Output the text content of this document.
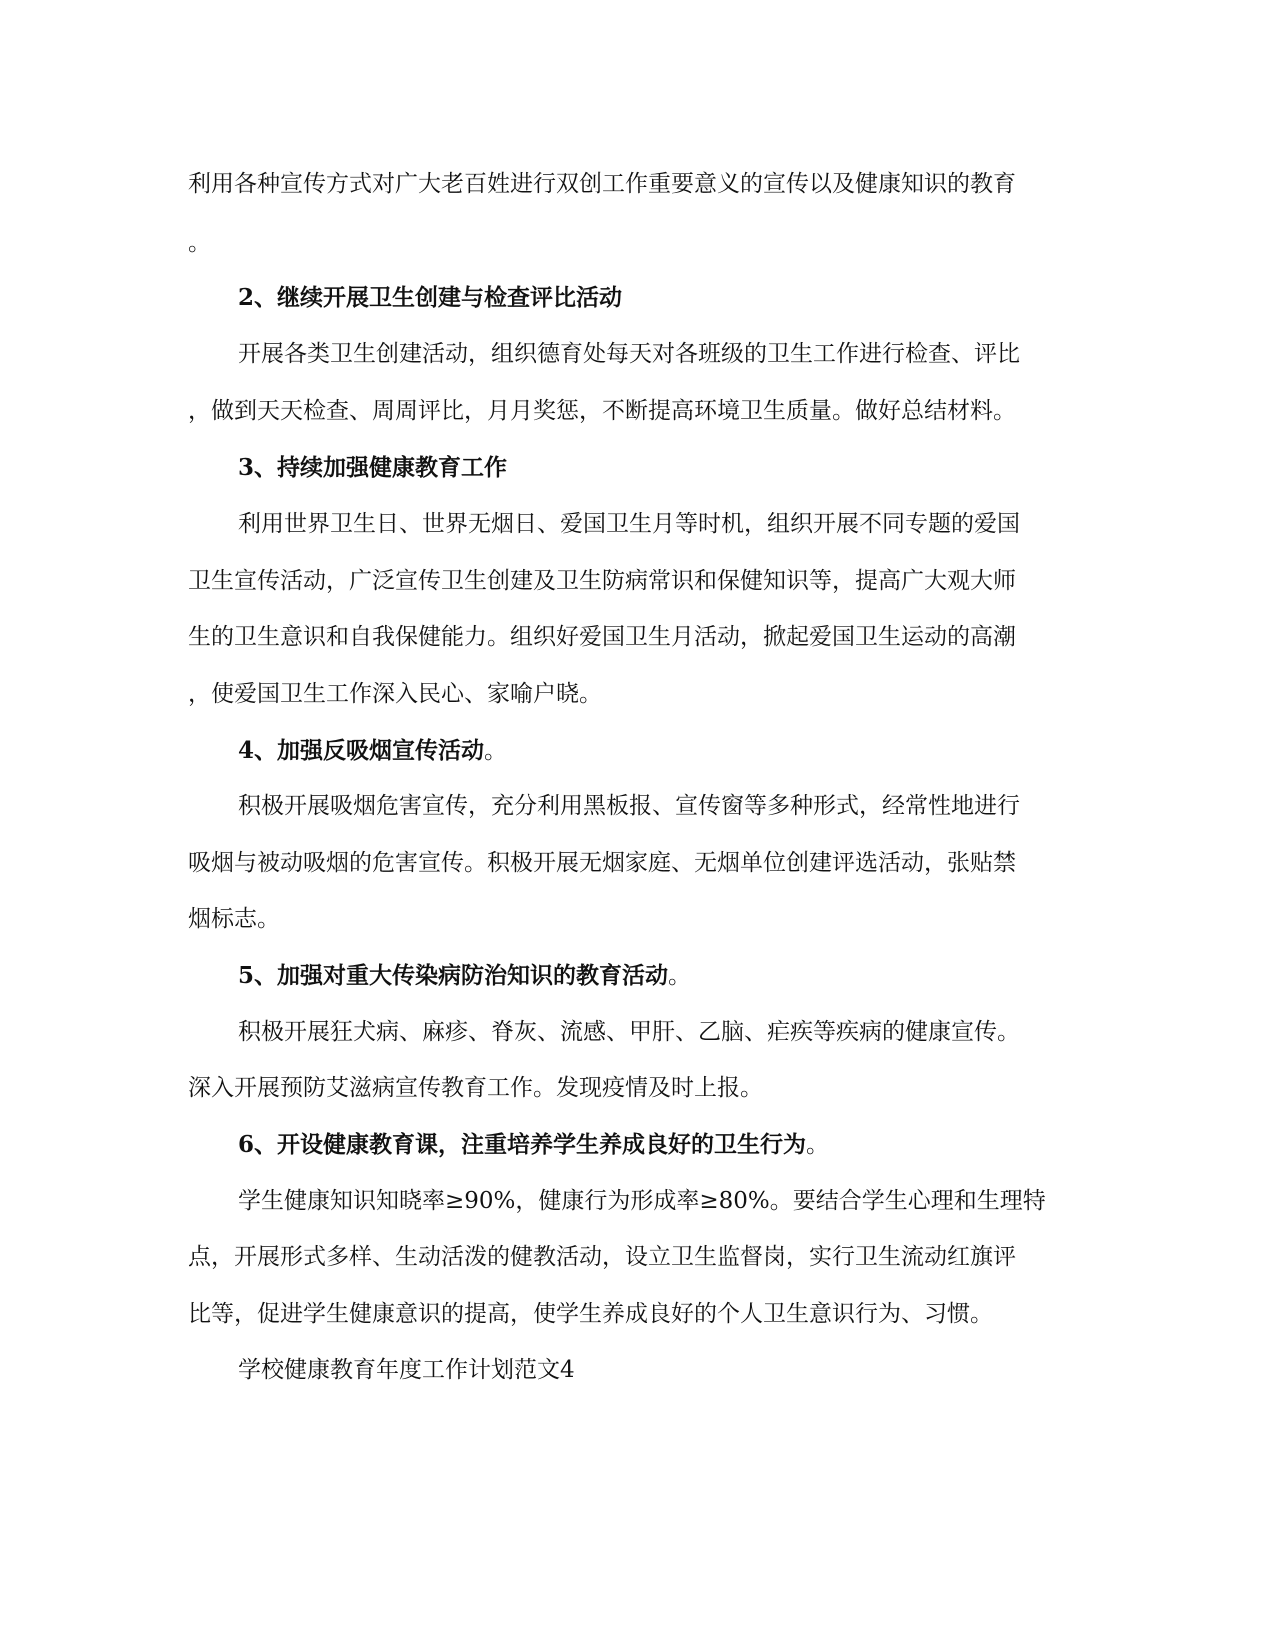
利用各种宣传方式对广大老百姓进行双创工作重要意义的宣传以及健康知识的教育
。
2、继续开展卫生创建与检查评比活动
开展各类卫生创建活动，组织德育处每天对各班级的卫生工作进行检查、评比
，做到天天检查、周周评比，月月奖惩，不断提高环境卫生质量。做好总结材料。
3、持续加强健康教育工作
利用世界卫生日、世界无烟日、爱国卫生月等时机，组织开展不同专题的爱国
卫生宣传活动，广泛宣传卫生创建及卫生防病常识和保健知识等，提高广大观大师
生的卫生意识和自我保健能力。组织好爱国卫生月活动，掀起爱国卫生运动的高潮
，使爱国卫生工作深入民心、家喻户晓。
4、加强反吸烟宣传活动。
积极开展吸烟危害宣传，充分利用黑板报、宣传窗等多种形式，经常性地进行
吸烟与被动吸烟的危害宣传。积极开展无烟家庭、无烟单位创建评选活动，张贴禁
烟标志。
5、加强对重大传染病防治知识的教育活动。
积极开展狂犬病、麻疹、脊灰、流感、甲肝、乙脑、疟疾等疾病的健康宣传。
深入开展预防艾滋病宣传教育工作。发现疫情及时上报。
6、开设健康教育课，注重培养学生养成良好的卫生行为。
学生健康知识知晓率≥90%，健康行为形成率≥80%。要结合学生心理和生理特
点，开展形式多样、生动活泼的健教活动，设立卫生监督岗，实行卫生流动红旗评
比等，促进学生健康意识的提高，使学生养成良好的个人卫生意识行为、习惯。
学校健康教育年度工作计划范文4
